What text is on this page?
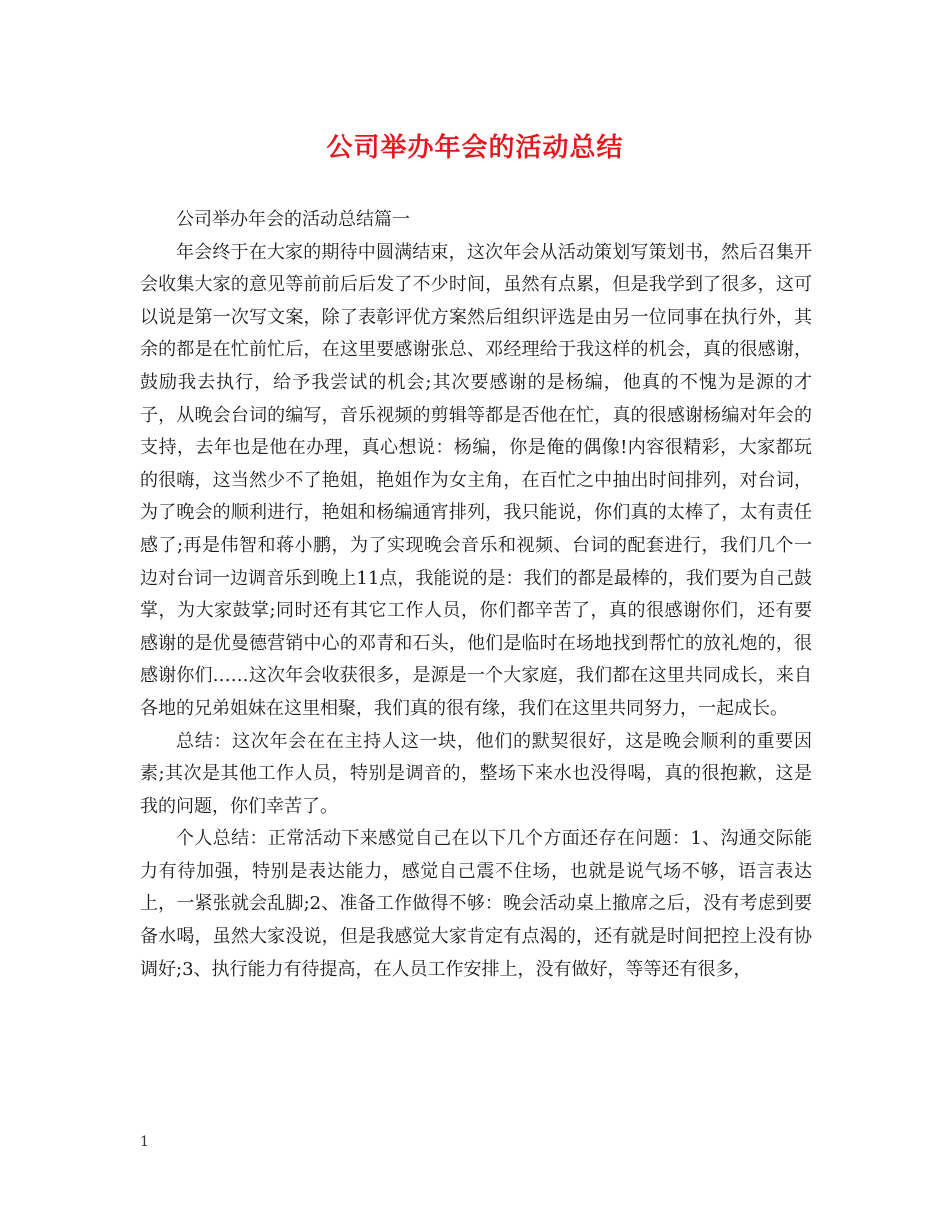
公司举办年会的活动总结

公司举办年会的活动总结篇一

年会终于在大家的期待中圆满结束，这次年会从活动策划写策划书，然后召集开会收集大家的意见等前前后后发了不少时间，虽然有点累，但是我学到了很多，这可以说是第一次写文案，除了表彰评优方案然后组织评选是由另一位同事在执行外，其余的都是在忙前忙后，在这里要感谢张总、邓经理给于我这样的机会，真的很感谢，鼓励我去执行，给予我尝试的机会;其次要感谢的是杨编，他真的不愧为是源的才子，从晚会台词的编写，音乐视频的剪辑等都是否他在忙，真的很感谢杨编对年会的支持，去年也是他在办理，真心想说：杨编，你是俺的偶像!内容很精彩，大家都玩的很嗨，这当然少不了艳姐，艳姐作为女主角，在百忙之中抽出时间排列，对台词，为了晚会的顺利进行，艳姐和杨编通宵排列，我只能说，你们真的太棒了，太有责任感了;再是伟智和蒋小鹏，为了实现晚会音乐和视频、台词的配套进行，我们几个一边对台词一边调音乐到晚上11点，我能说的是：我们的都是最棒的，我们要为自己鼓掌，为大家鼓掌;同时还有其它工作人员，你们都辛苦了，真的很感谢你们，还有要感谢的是优曼德营销中心的邓青和石头，他们是临时在场地找到帮忙的放礼炮的，很感谢你们……这次年会收获很多，是源是一个大家庭，我们都在这里共同成长，来自各地的兄弟姐妹在这里相聚，我们真的很有缘，我们在这里共同努力，一起成长。

总结：这次年会在在主持人这一块，他们的默契很好，这是晚会顺利的重要因素;其次是其他工作人员，特别是调音的，整场下来水也没得喝，真的很抱歉，这是我的问题，你们幸苦了。

个人总结：正常活动下来感觉自己在以下几个方面还存在问题：1、沟通交际能力有待加强，特别是表达能力，感觉自己震不住场，也就是说气场不够，语言表达上，一紧张就会乱脚;2、准备工作做得不够：晚会活动桌上撤席之后，没有考虑到要备水喝，虽然大家没说，但是我感觉大家肯定有点渴的，还有就是时间把控上没有协调好;3、执行能力有待提高，在人员工作安排上，没有做好，等等还有很多，

1
